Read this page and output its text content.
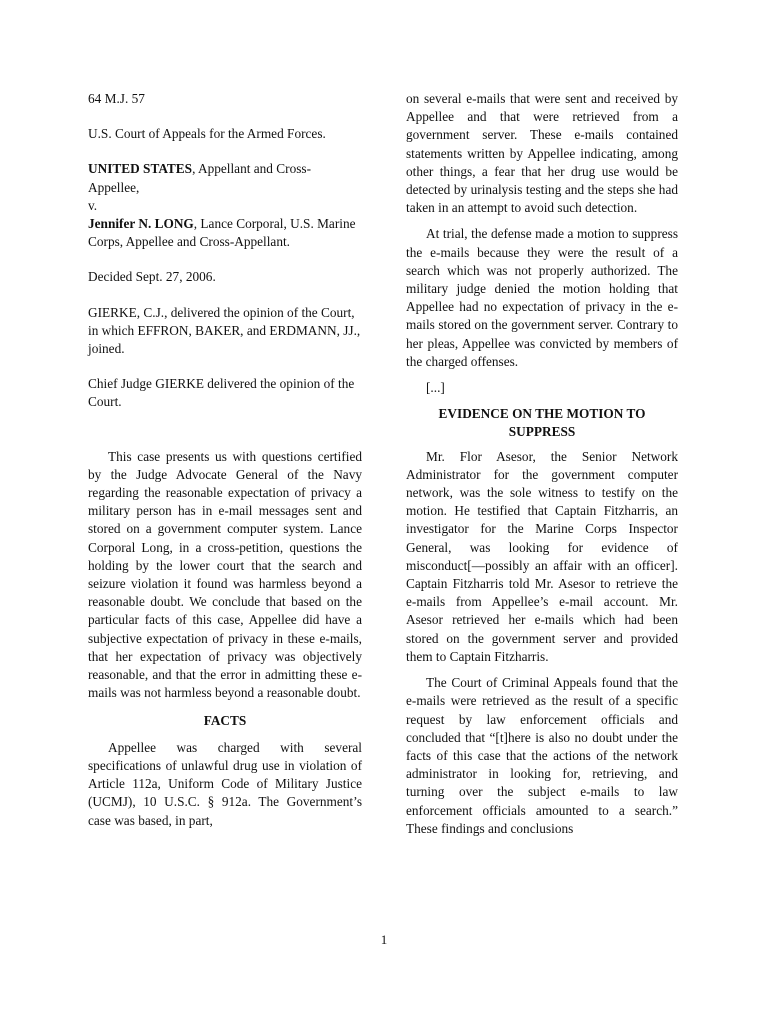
64 M.J. 57

U.S. Court of Appeals for the Armed Forces.

UNITED STATES, Appellant and Cross-Appellee,
v.
Jennifer N. LONG, Lance Corporal, U.S. Marine Corps, Appellee and Cross-Appellant.

Decided Sept. 27, 2006.

GIERKE, C.J., delivered the opinion of the Court, in which EFFRON, BAKER, and ERDMANN, JJ., joined.

Chief Judge GIERKE delivered the opinion of the Court.

This case presents us with questions certified by the Judge Advocate General of the Navy regarding the reasonable expectation of privacy a military person has in e-mail messages sent and stored on a government computer system. Lance Corporal Long, in a cross-petition, questions the holding by the lower court that the search and seizure violation it found was harmless beyond a reasonable doubt. We conclude that based on the particular facts of this case, Appellee did have a subjective expectation of privacy in these e-mails, that her expectation of privacy was objectively reasonable, and that the error in admitting these e-mails was not harmless beyond a reasonable doubt.

FACTS

Appellee was charged with several specifications of unlawful drug use in violation of Article 112a, Uniform Code of Military Justice (UCMJ), 10 U.S.C. § 912a. The Government’s case was based, in part,

on several e-mails that were sent and received by Appellee and that were retrieved from a government server. These e-mails contained statements written by Appellee indicating, among other things, a fear that her drug use would be detected by urinalysis testing and the steps she had taken in an attempt to avoid such detection.

At trial, the defense made a motion to suppress the e-mails because they were the result of a search which was not properly authorized. The military judge denied the motion holding that Appellee had no expectation of privacy in the e-mails stored on the government server. Contrary to her pleas, Appellee was convicted by members of the charged offenses.

[...]

EVIDENCE ON THE MOTION TO SUPPRESS

Mr. Flor Asesor, the Senior Network Administrator for the government computer network, was the sole witness to testify on the motion. He testified that Captain Fitzharris, an investigator for the Marine Corps Inspector General, was looking for evidence of misconduct[—possibly an affair with an officer]. Captain Fitzharris told Mr. Asesor to retrieve the e-mails from Appellee’s e-mail account. Mr. Asesor retrieved her e-mails which had been stored on the government server and provided them to Captain Fitzharris.

The Court of Criminal Appeals found that the e-mails were retrieved as the result of a specific request by law enforcement officials and concluded that “[t]here is also no doubt under the facts of this case that the actions of the network administrator in looking for, retrieving, and turning over the subject e-mails to law enforcement officials amounted to a search.” These findings and conclusions

1
